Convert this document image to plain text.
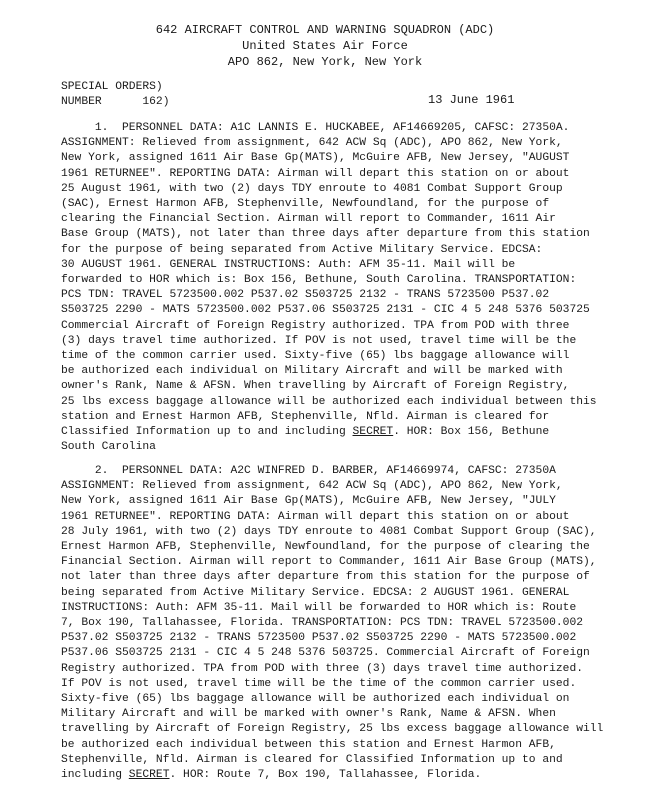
642 AIRCRAFT CONTROL AND WARNING SQUADRON (ADC)
United States Air Force
APO 862, New York, New York
SPECIAL ORDERS)
NUMBER      162)	13 June 1961
1.  PERSONNEL DATA: A1C LANNIS E. HUCKABEE, AF14669205, CAFSC: 27350A.
ASSIGNMENT: Relieved from assignment, 642 ACW Sq (ADC), APO 862, New York,
New York, assigned 1611 Air Base Gp(MATS), McGuire AFB, New Jersey, "AUGUST
1961 RETURNEE". REPORTING DATA: Airman will depart this station on or about
25 August 1961, with two (2) days TDY enroute to 4081 Combat Support Group
(SAC), Ernest Harmon AFB, Stephenville, Newfoundland, for the purpose of
clearing the Financial Section. Airman will report to Commander, 1611 Air
Base Group (MATS), not later than three days after departure from this station
for the purpose of being separated from Active Military Service. EDCSA:
30 AUGUST 1961. GENERAL INSTRUCTIONS: Auth: AFM 35-11. Mail will be
forwarded to HOR which is: Box 156, Bethune, South Carolina. TRANSPORTATION:
PCS TDN: TRAVEL 5723500.002 P537.02 S503725 2132 - TRANS 5723500 P537.02
S503725 2290 - MATS 5723500.002 P537.06 S503725 2131 - CIC 4 5 248 5376 503725
Commercial Aircraft of Foreign Registry authorized. TPA from POD with three
(3) days travel time authorized. If POV is not used, travel time will be the
time of the common carrier used. Sixty-five (65) lbs baggage allowance will
be authorized each individual on Military Aircraft and will be marked with
owner's Rank, Name & AFSN. When travelling by Aircraft of Foreign Registry,
25 lbs excess baggage allowance will be authorized each individual between this
station and Ernest Harmon AFB, Stephenville, Nfld. Airman is cleared for
Classified Information up to and including SECRET. HOR: Box 156, Bethune
South Carolina
2.  PERSONNEL DATA: A2C WINFRED D. BARBER, AF14669974, CAFSC: 27350A
ASSIGNMENT: Relieved from assignment, 642 ACW Sq (ADC), APO 862, New York,
New York, assigned 1611 Air Base Gp(MATS), McGuire AFB, New Jersey, "JULY
1961 RETURNEE". REPORTING DATA: Airman will depart this station on or about
28 July 1961, with two (2) days TDY enroute to 4081 Combat Support Group (SAC),
Ernest Harmon AFB, Stephenville, Newfoundland, for the purpose of clearing the
Financial Section. Airman will report to Commander, 1611 Air Base Group (MATS),
not later than three days after departure from this station for the purpose of
being separated from Active Military Service. EDCSA: 2 AUGUST 1961. GENERAL
INSTRUCTIONS: Auth: AFM 35-11. Mail will be forwarded to HOR which is: Route
7, Box 190, Tallahassee, Florida. TRANSPORTATION: PCS TDN: TRAVEL 5723500.002
P537.02 S503725 2132 - TRANS 5723500 P537.02 S503725 2290 - MATS 5723500.002
P537.06 S503725 2131 - CIC 4 5 248 5376 503725. Commercial Aircraft of Foreign
Registry authorized. TPA from POD with three (3) days travel time authorized.
If POV is not used, travel time will be the time of the common carrier used.
Sixty-five (65) lbs baggage allowance will be authorized each individual on
Military Aircraft and will be marked with owner's Rank, Name & AFSN. When
travelling by Aircraft of Foreign Registry, 25 lbs excess baggage allowance will
be authorized each individual between this station and Ernest Harmon AFB,
Stephenville, Nfld. Airman is cleared for Classified Information up to and
including SECRET. HOR: Route 7, Box 190, Tallahassee, Florida.
